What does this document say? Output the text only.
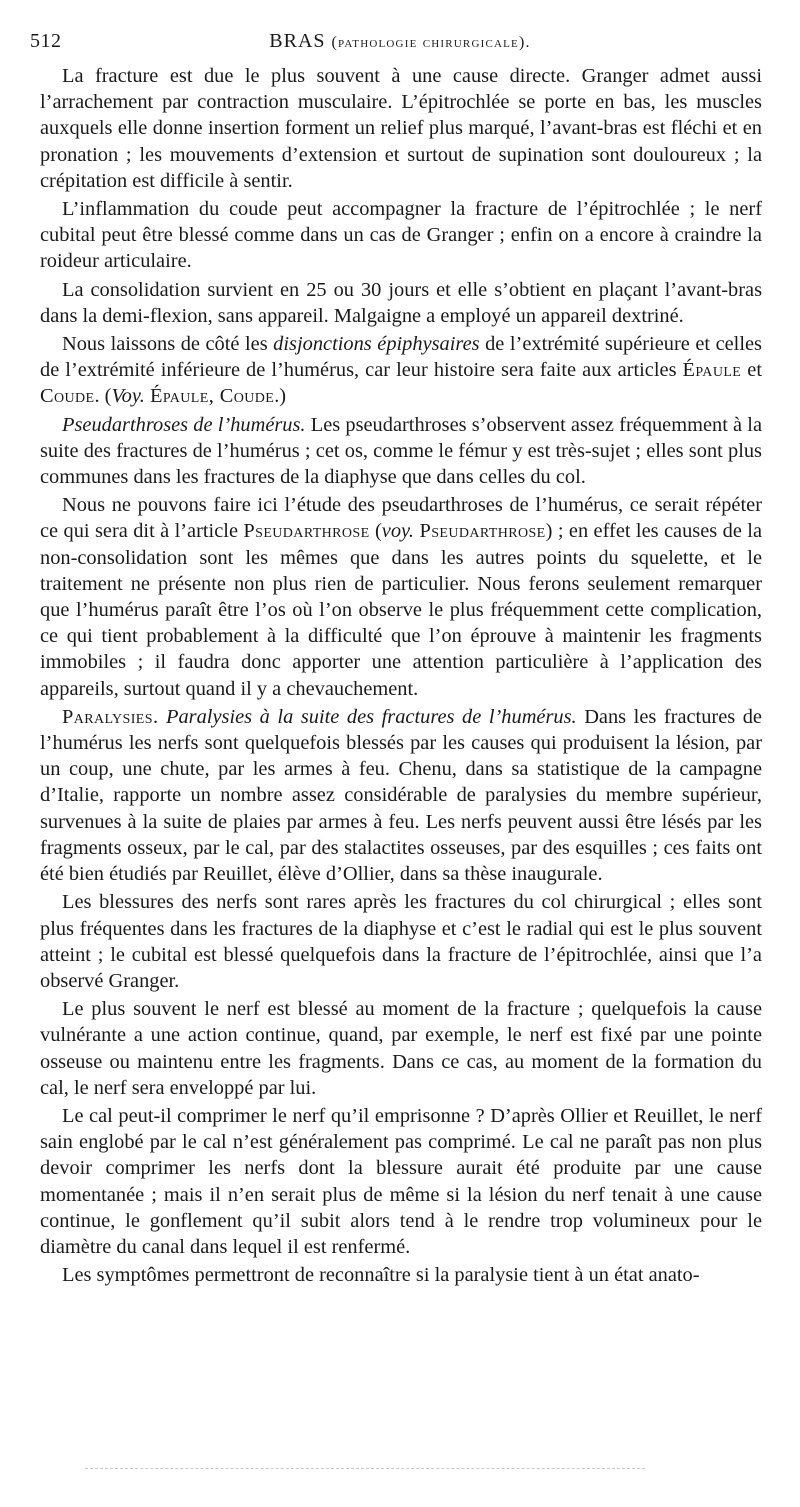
512	BRAS (pathologie chirurgicale).

La fracture est due le plus souvent à une cause directe. Granger admet aussi l’arrachement par contraction musculaire. L’épitrochlée se porte en bas, les muscles auxquels elle donne insertion forment un relief plus marqué, l’avant-bras est fléchi et en pronation ; les mouvements d’extension et surtout de supination sont douloureux ; la crépitation est difficile à sentir.

L’inflammation du coude peut accompagner la fracture de l’épitrochlée ; le nerf cubital peut être blessé comme dans un cas de Granger ; enfin on a encore à craindre la roideur articulaire.

La consolidation survient en 25 ou 30 jours et elle s’obtient en plaçant l’avant-bras dans la demi-flexion, sans appareil. Malgaigne a employé un appareil dextriné.

Nous laissons de côté les disjonctions épiphysaires de l’extrémité supérieure et celles de l’extrémité inférieure de l’humérus, car leur histoire sera faite aux articles Épaule et Coude. (Voy. Épaule, Coude.)

Pseudarthroses de l’humérus. Les pseudarthroses s’observent assez fréquemment à la suite des fractures de l’humérus ; cet os, comme le fémur y est très-sujet ; elles sont plus communes dans les fractures de la diaphyse que dans celles du col.

Nous ne pouvons faire ici l’étude des pseudarthroses de l’humérus, ce serait répéter ce qui sera dit à l’article Pseudarthrose (voy. Pseudarthrose) ; en effet les causes de la non-consolidation sont les mêmes que dans les autres points du squelette, et le traitement ne présente non plus rien de particulier. Nous ferons seulement remarquer que l’humérus paraît être l’os où l’on observe le plus fréquemment cette complication, ce qui tient probablement à la difficulté que l’on éprouve à maintenir les fragments immobiles ; il faudra donc apporter une attention particulière à l’application des appareils, surtout quand il y a chevauchement.

Paralysies. Paralysies à la suite des fractures de l’humérus. Dans les fractures de l’humérus les nerfs sont quelquefois blessés par les causes qui produisent la lésion, par un coup, une chute, par les armes à feu. Chenu, dans sa statistique de la campagne d’Italie, rapporte un nombre assez considérable de paralysies du membre supérieur, survenues à la suite de plaies par armes à feu. Les nerfs peuvent aussi être lésés par les fragments osseux, par le cal, par des stalactites osseuses, par des esquilles ; ces faits ont été bien étudiés par Reuillet, élève d’Ollier, dans sa thèse inaugurale.

Les blessures des nerfs sont rares après les fractures du col chirurgical ; elles sont plus fréquentes dans les fractures de la diaphyse et c’est le radial qui est le plus souvent atteint ; le cubital est blessé quelquefois dans la fracture de l’épitrochlée, ainsi que l’a observé Granger.

Le plus souvent le nerf est blessé au moment de la fracture ; quelquefois la cause vulnérante a une action continue, quand, par exemple, le nerf est fixé par une pointe osseuse ou maintenu entre les fragments. Dans ce cas, au moment de la formation du cal, le nerf sera enveloppé par lui.

Le cal peut-il comprimer le nerf qu’il emprisonne ? D’après Ollier et Reuillet, le nerf sain englobé par le cal n’est généralement pas comprimé. Le cal ne paraît pas non plus devoir comprimer les nerfs dont la blessure aurait été produite par une cause momentanée ; mais il n’en serait plus de même si la lésion du nerf tenait à une cause continue, le gonflement qu’il subit alors tend à le rendre trop volumineux pour le diamètre du canal dans lequel il est renfermé.

Les symptômes permettront de reconnaître si la paralysie tient à un état anato-
